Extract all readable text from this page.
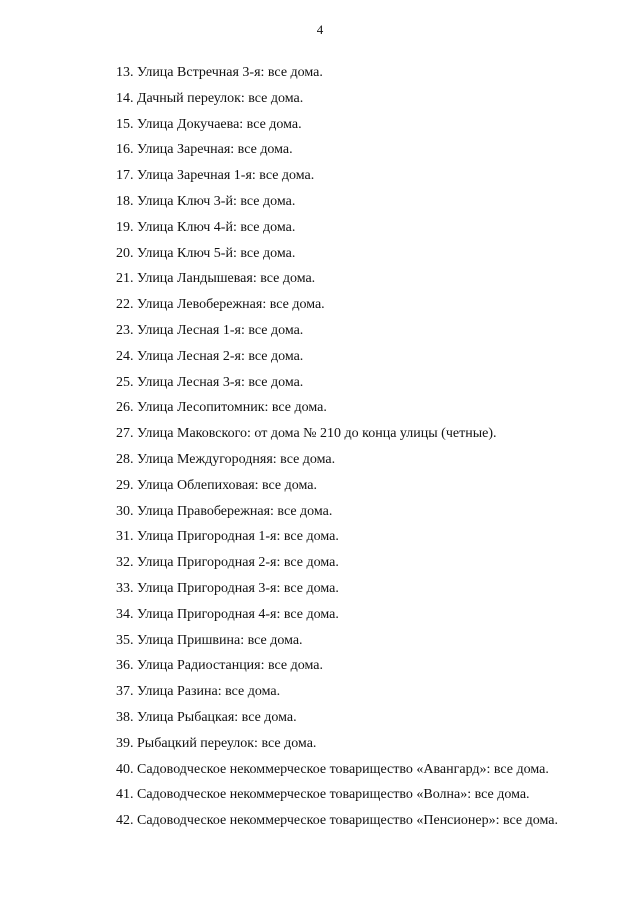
4
13. Улица Встречная 3-я: все дома.
14. Дачный переулок: все дома.
15. Улица Докучаева: все дома.
16. Улица Заречная: все дома.
17. Улица Заречная 1-я: все дома.
18. Улица Ключ 3-й: все дома.
19. Улица Ключ 4-й: все дома.
20. Улица Ключ 5-й: все дома.
21. Улица Ландышевая: все дома.
22. Улица Левобережная: все дома.
23. Улица Лесная 1-я: все дома.
24. Улица Лесная 2-я: все дома.
25. Улица Лесная 3-я: все дома.
26. Улица Лесопитомник: все дома.
27. Улица Маковского: от дома № 210 до конца улицы (четные).
28. Улица Междугородняя: все дома.
29. Улица Облепиховая: все дома.
30. Улица Правобережная: все дома.
31. Улица Пригородная 1-я: все дома.
32. Улица Пригородная 2-я: все дома.
33. Улица Пригородная 3-я: все дома.
34. Улица Пригородная 4-я: все дома.
35. Улица Пришвина: все дома.
36. Улица Радиостанция: все дома.
37. Улица Разина: все дома.
38. Улица Рыбацкая: все дома.
39. Рыбацкий переулок: все дома.
40. Садоводческое некоммерческое товарищество «Авангард»: все дома.
41. Садоводческое некоммерческое товарищество «Волна»: все дома.
42. Садоводческое некоммерческое товарищество «Пенсионер»: все дома.
